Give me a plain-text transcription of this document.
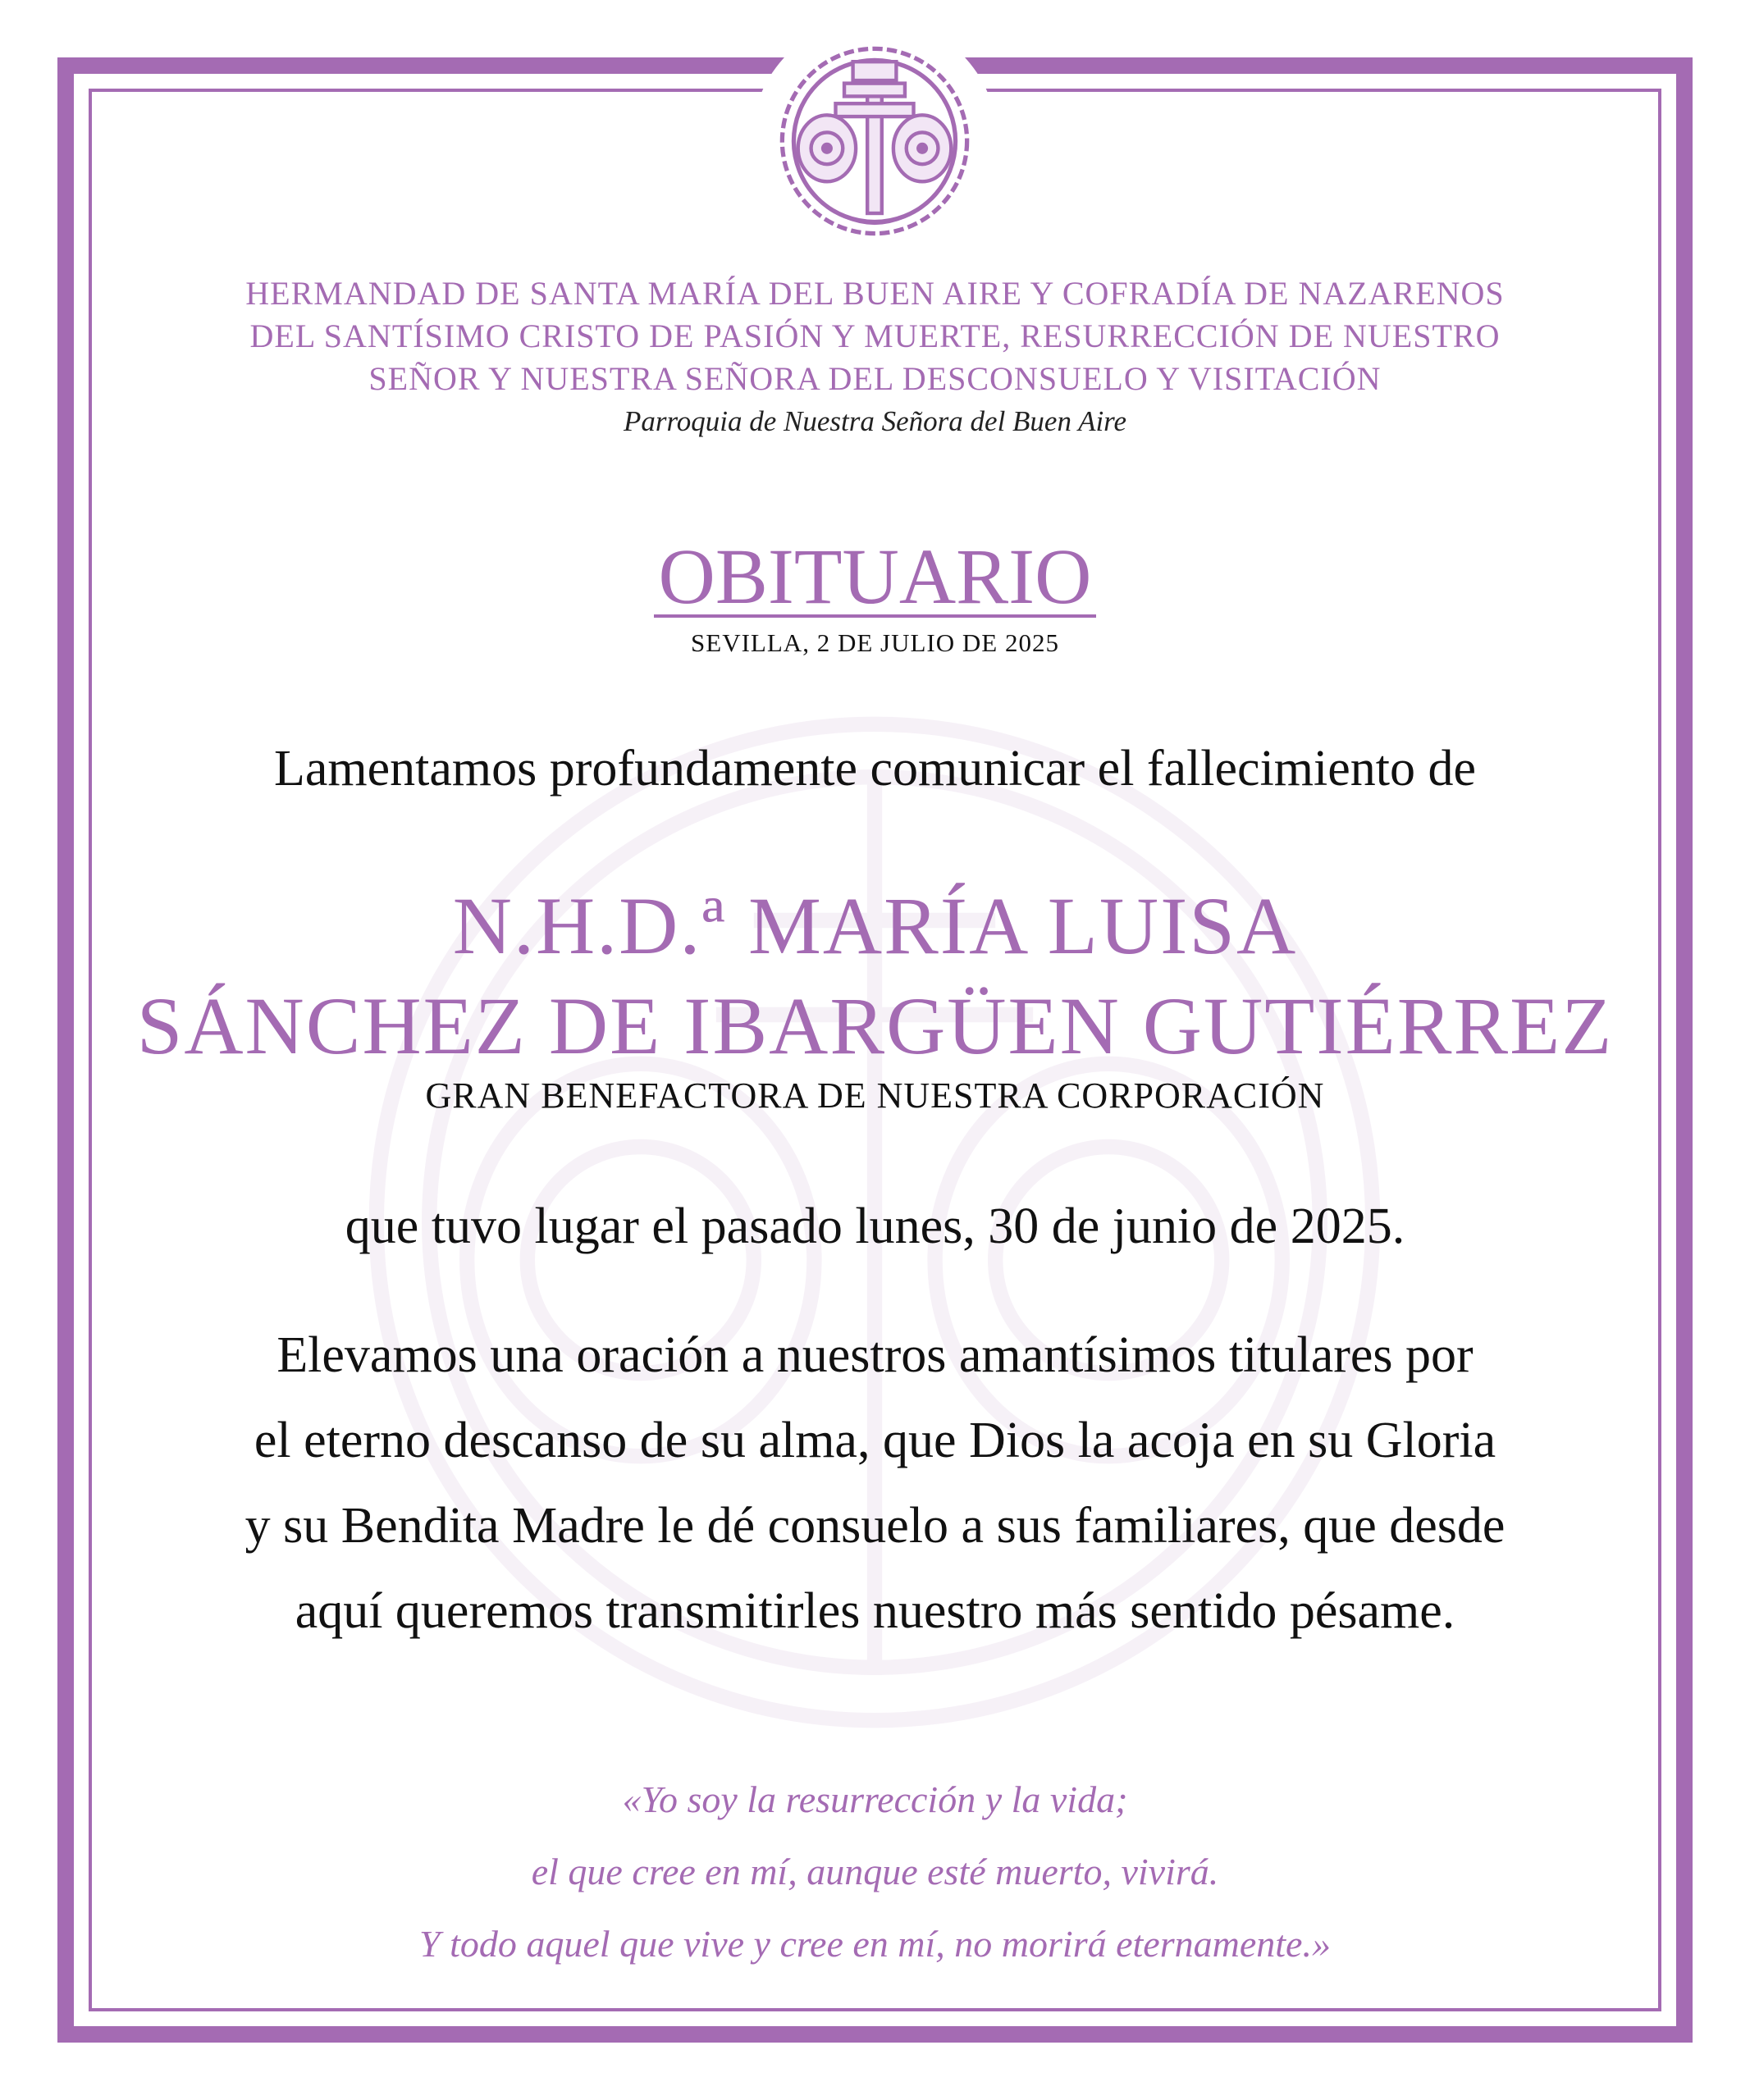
HERMANDAD DE SANTA MARÍA DEL BUEN AIRE Y COFRADÍA DE NAZARENOS
DEL SANTÍSIMO CRISTO DE PASIÓN Y MUERTE, RESURRECCIÓN DE NUESTRO
SEÑOR Y NUESTRA SEÑORA DEL DESCONSUELO Y VISITACIÓN
Parroquia de Nuestra Señora del Buen Aire
OBITUARIO
SEVILLA, 2 DE JULIO DE 2025
Lamentamos profundamente comunicar el fallecimiento de
N.H.D.ª MARÍA LUISA
SÁNCHEZ DE IBARGÜEN GUTIÉRREZ
GRAN BENEFACTORA DE NUESTRA CORPORACIÓN
que tuvo lugar el pasado lunes, 30 de junio de 2025.
Elevamos una oración a nuestros amantísimos titulares por
el eterno descanso de su alma, que Dios la acoja en su Gloria
y su Bendita Madre le dé consuelo a sus familiares, que desde
aquí queremos transmitirles nuestro más sentido pésame.
«Yo soy la resurrección y la vida;
el que cree en mí, aunque esté muerto, vivirá.
Y todo aquel que vive y cree en mí, no morirá eternamente.»
